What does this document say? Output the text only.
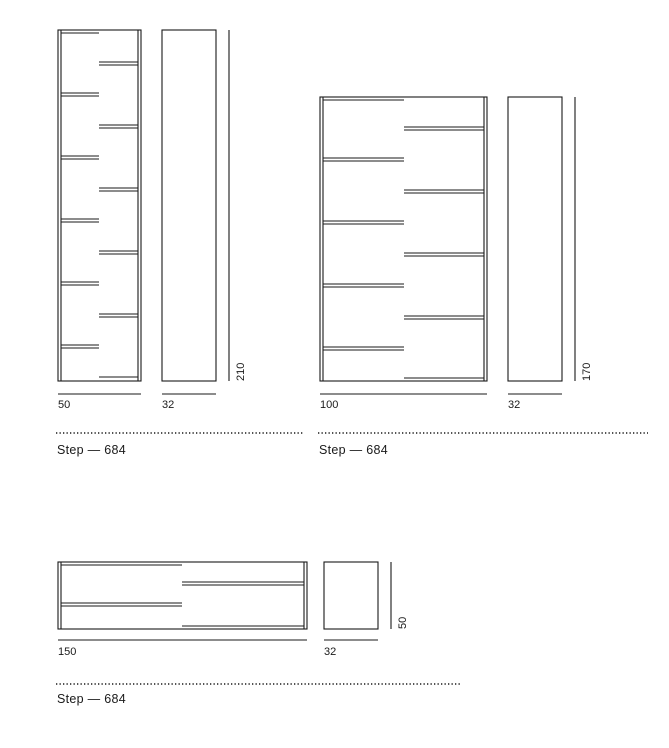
50	32
210
Step — 684
100	32
170
Step — 684
150	32
50
Step — 684
